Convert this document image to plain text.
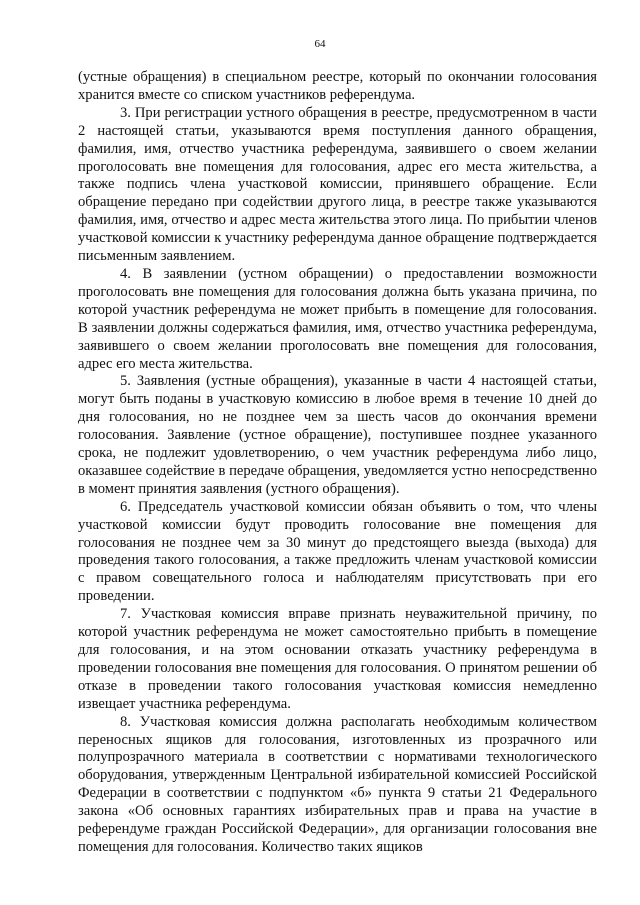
64

(устные обращения) в специальном реестре, который по окончании голосования хранится вместе со списком участников референдума.

3. При регистрации устного обращения в реестре, предусмотренном в части 2 настоящей статьи, указываются время поступления данного обращения, фамилия, имя, отчество участника референдума, заявившего о своем желании проголосовать вне помещения для голосования, адрес его места жительства, а также подпись члена участковой комиссии, принявшего обращение. Если обращение передано при содействии другого лица, в реестре также указываются фамилия, имя, отчество и адрес места жительства этого лица. По прибытии членов участковой комиссии к участнику референдума данное обращение подтверждается письменным заявлением.

4. В заявлении (устном обращении) о предоставлении возможности проголосовать вне помещения для голосования должна быть указана причина, по которой участник референдума не может прибыть в помещение для голосования. В заявлении должны содержаться фамилия, имя, отчество участника референдума, заявившего о своем желании проголосовать вне помещения для голосования, адрес его места жительства.

5. Заявления (устные обращения), указанные в части 4 настоящей статьи, могут быть поданы в участковую комиссию в любое время в течение 10 дней до дня голосования, но не позднее чем за шесть часов до окончания времени голосования. Заявление (устное обращение), поступившее позднее указанного срока, не подлежит удовлетворению, о чем участник референдума либо лицо, оказавшее содействие в передаче обращения, уведомляется устно непосредственно в момент принятия заявления (устного обращения).

6. Председатель участковой комиссии обязан объявить о том, что члены участковой комиссии будут проводить голосование вне помещения для голосования не позднее чем за 30 минут до предстоящего выезда (выхода) для проведения такого голосования, а также предложить членам участковой комиссии с правом совещательного голоса и наблюдателям присутствовать при его проведении.

7. Участковая комиссия вправе признать неуважительной причину, по которой участник референдума не может самостоятельно прибыть в помещение для голосования, и на этом основании отказать участнику референдума в проведении голосования вне помещения для голосования. О принятом решении об отказе в проведении такого голосования участковая комиссия немедленно извещает участника референдума.

8. Участковая комиссия должна располагать необходимым количеством переносных ящиков для голосования, изготовленных из прозрачного или полупрозрачного материала в соответствии с нормативами технологического оборудования, утвержденным Центральной избирательной комиссией Российской Федерации в соответствии с подпунктом «б» пункта 9 статьи 21 Федерального закона «Об основных гарантиях избирательных прав и права на участие в референдуме граждан Российской Федерации», для организации голосования вне помещения для голосования. Количество таких ящиков
